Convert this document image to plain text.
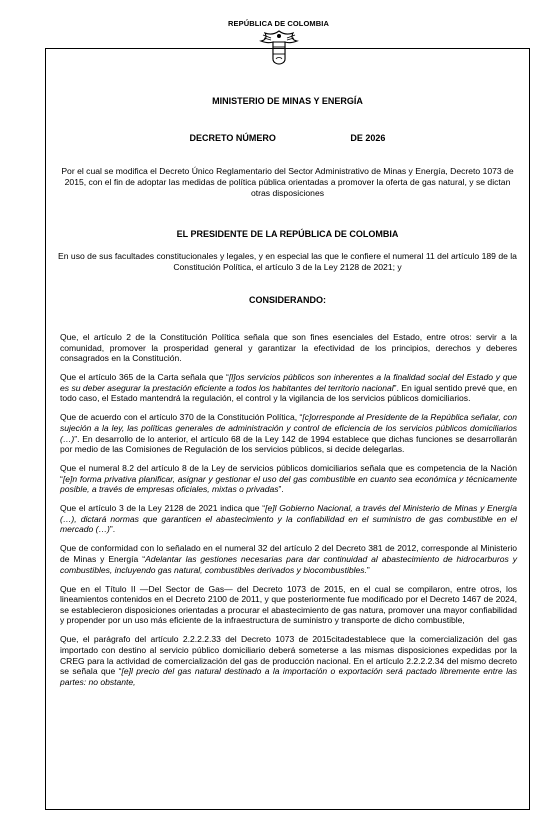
REPÚBLICA DE COLOMBIA
MINISTERIO DE MINAS Y ENERGÍA
DECRETO NÚMERO	DE 2026
Por el cual se modifica el Decreto Único Reglamentario del Sector Administrativo de Minas y Energía, Decreto 1073 de 2015, con el fin de adoptar las medidas de política pública orientadas a promover la oferta de gas natural, y se dictan otras disposiciones
EL PRESIDENTE DE LA REPÚBLICA DE COLOMBIA
En uso de sus facultades constitucionales y legales, y en especial las que le confiere el numeral 11 del artículo 189 de la Constitución Política, el artículo 3 de la Ley 2128 de 2021; y
CONSIDERANDO:

Que, el artículo 2 de la Constitución Política señala que son fines esenciales del Estado, entre otros: servir a la comunidad, promover la prosperidad general y garantizar la efectividad de los principios, derechos y deberes consagrados en la Constitución.

Que el artículo 365 de la Carta señala que “[l]os servicios públicos son inherentes a la finalidad social del Estado y que es su deber asegurar la prestación eficiente a todos los habitantes del territorio nacional”. En igual sentido prevé que, en todo caso, el Estado mantendrá la regulación, el control y la vigilancia de los servicios públicos domiciliarios.

Que de acuerdo con el artículo 370 de la Constitución Política, “[c]orresponde al Presidente de la República señalar, con sujeción a la ley, las políticas generales de administración y control de eficiencia de los servicios públicos domiciliarios (…)”. En desarrollo de lo anterior, el artículo 68 de la Ley 142 de 1994 establece que dichas funciones se desarrollarán por medio de las Comisiones de Regulación de los servicios públicos, si decide delegarlas.

Que el numeral 8.2 del artículo 8 de la Ley de servicios públicos domiciliarios señala que es competencia de la Nación “[e]n forma privativa planificar, asignar y gestionar el uso del gas combustible en cuanto sea económica y técnicamente posible, a través de empresas oficiales, mixtas o privadas”.

Que el artículo 3 de la Ley 2128 de 2021 indica que “[e]l Gobierno Nacional, a través del Ministerio de Minas y Energía (…), dictará normas que garanticen el abastecimiento y la confiabilidad en el suministro de gas combustible en el mercado (…)”.

Que de conformidad con lo señalado en el numeral 32 del artículo 2 del Decreto 381 de 2012, corresponde al Ministerio de Minas y Energía “Adelantar las gestiones necesarias para dar continuidad al abastecimiento de hidrocarburos y combustibles, incluyendo gas natural, combustibles derivados y biocombustibles.”

Que en el Título II —Del Sector de Gas— del Decreto 1073 de 2015, en el cual se compilaron, entre otros, los lineamientos contenidos en el Decreto 2100 de 2011, y que posteriormente fue modificado por el Decreto 1467 de 2024, se establecieron disposiciones orientadas a procurar el abastecimiento de gas natura, promover una mayor confiabilidad y propender por un uso más eficiente de la infraestructura de suministro y transporte de dicho combustible,

Que, el parágrafo del artículo 2.2.2.2.33 del Decreto 1073 de 2015citadestablece que la comercialización del gas importado con destino al servicio público domiciliario deberá someterse a las mismas disposiciones expedidas por la CREG para la actividad de comercialización del gas de producción nacional. En el artículo 2.2.2.2.34 del mismo decreto se señala que “[e]l precio del gas natural destinado a la importación o exportación será pactado libremente entre las partes: no obstante,
